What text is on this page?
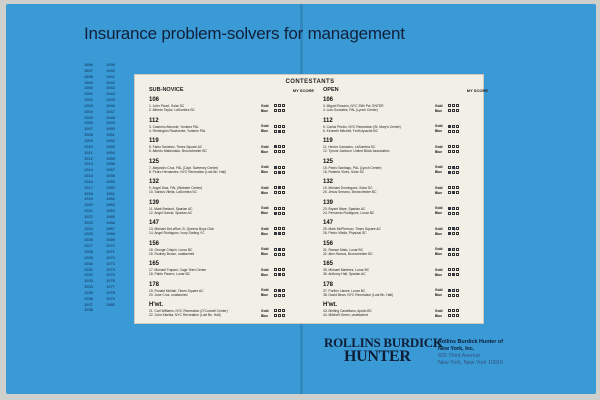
Insurance problem-solvers for management
1896
1897
1898
1899
1900
1901
1902
1903
1904
1905
1906
1907
1908
1909
1910
1911
1912
1913
1914
1915
1916
1917
1918
1919
1920
1921
1922
1923
1924
1925
1926
1927
1928
1929
1930
1931
1932
1933
1934
1935
1936
1937
1938
1939
1940
1941
1942
1943
1944
1945
1946
1947
1948
1949
1950
1951
1952
1953
1954
1955
1956
1957
1958
1959
1960
1961
1962
1963
1964
1965
1966
1967
1968
1969
1970
1971
1972
1973
1974
1975
1976
1977
1978
1979
1980
CONTESTANTS
SUB-NOVICE	MY SCORE
106
1. John Picart, Solar SC
2. Alfredo Taylor, LaSombra SC
Gold
Blue
112
3. Casimiro Almonte, Yonkers PAL
4. Remington Ricafuente, Yonkers PAL
Gold
Blue
119
5. Fabio Sanchez, Times Square AC
6. Alberto Maldonado, Bronxchester BC
Gold
Blue
125
7. Alejandro Cruz, PAL (Capt. Sweeney Center)
8. Pedro Hernandez, NYC Recreation (Lost Bn. Hall)
Gold
Blue
132
9. Angel Diaz, PAL (Webster Center)
10. Santos Vilella, LaSombra SC
Gold
Blue
139
11. Mark Breland, Spartan AC
12. Angel Garcia, Spartan AC
Gold
Blue
147
13. Michael DeLaRue, B. Queens Boys Club
14. Angel Rodriguez, Ivory Darling YC
Gold
Blue
156
15. George Crispin, Lunar BC
16. Rodney Brown, unattached
Gold
Blue
165
17. Michael Trapani, Cage Teen Center
18. Pablo Pizarro, Lunar BC
Gold
Blue
178
19. Ronald McNair, Times Square AC
20. Jose Cruz, unattached
Gold
Blue
H'wt.
21. Carl Williams, NYC Recreation (O'Connell Center)
22. John Kiselka, NYC Recreation (Lost Bn. Hall)
Gold
Blue
OPEN	MY SCORE
106
3. Miguel Rosario, NYC 25th Pct, ENTER
4. Luis Gonzalez, PAL (Lynch Center)
Gold
Blue
112
5. Carlos Perdio, NYC Recreation (St. Mary's Center)
6. Kenneth Mitchell, Forth Apache BC
Gold
Blue
/
119
11. Hector Camacho, LaSombra SC
12. Tyrone Jackson, United Block Association
Gold
Blue
125
15. Pedro Santiago, PAL (Lynch Center)
16. Roberto Vives, Solar SC
Gold
Blue
✓
132
19. Michael Dominguez, Solar SC
20. Jesus Serrano, Bronxchester BC
Gold
Blue
139
23. Bryant Ware, Spartan AC
24. Fernando Rodriguez, Lunar BC
Gold
Blue
/
147
25. Mark McPherson, Times Square AC
26. Pedro Vilella, Physical SC
Gold
Blue
✓
156
31. Ramon Mato, Lunar BC
32. Alex Ramos, Bronxchester BC
Gold
Blue
/
165
35. Michael Martinez, Lunar BC
36. Anthony Hall, Spartan AC
Gold
Blue
178
37. Porfirio Llanes, Lunar BC
38. David Bean, NYC Recreation (Lost Bn. Hall)
Gold
Blue
/
H'wt.
43. Melting Castellano, Apollo BC
44. Mitchell Green, unattached
Gold
Blue
ROLLINS BURDICK
HUNTER
Rollins Burdick Hunter of
New York, Inc.
605 Third Avenue
New York, New York 10016
